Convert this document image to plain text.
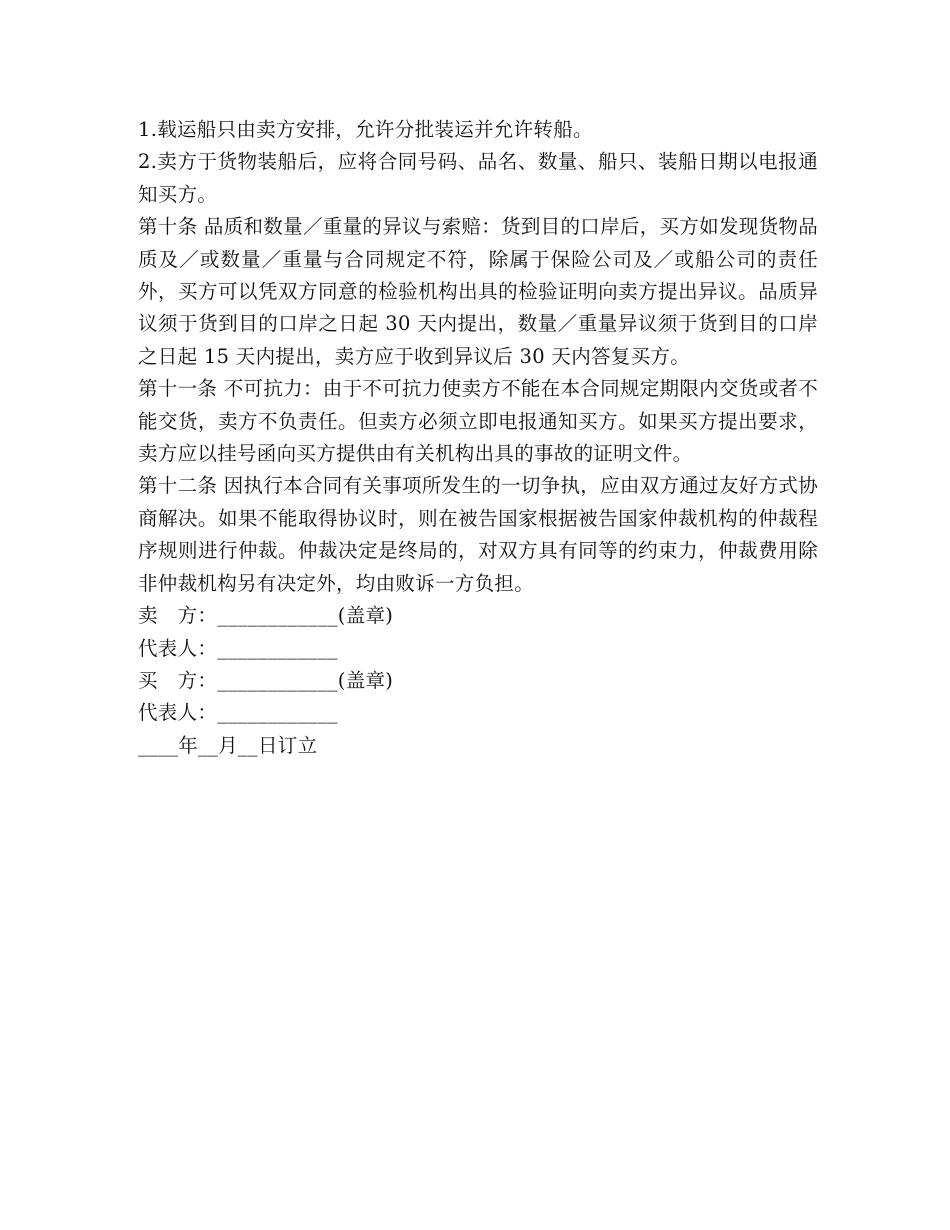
1.载运船只由卖方安排，允许分批装运并允许转船。

2.卖方于货物装船后，应将合同号码、品名、数量、船只、装船日期以电报通知买方。

第十条 品质和数量／重量的异议与索赔：货到目的口岸后，买方如发现货物品质及／或数量／重量与合同规定不符，除属于保险公司及／或船公司的责任外，买方可以凭双方同意的检验机构出具的检验证明向卖方提出异议。品质异议须于货到目的口岸之日起 30 天内提出，数量／重量异议须于货到目的口岸之日起 15 天内提出，卖方应于收到异议后 30 天内答复买方。

第十一条 不可抗力：由于不可抗力使卖方不能在本合同规定期限内交货或者不能交货，卖方不负责任。但卖方必须立即电报通知买方。如果买方提出要求，卖方应以挂号函向买方提供由有关机构出具的事故的证明文件。

第十二条 因执行本合同有关事项所发生的一切争执，应由双方通过友好方式协商解决。如果不能取得协议时，则在被告国家根据被告国家仲裁机构的仲裁程序规则进行仲裁。仲裁决定是终局的，对双方具有同等的约束力，仲裁费用除非仲裁机构另有决定外，均由败诉一方负担。

卖　方：____________(盖章)

代表人：____________

买　方：____________(盖章)

代表人：____________

____年__月__日订立
